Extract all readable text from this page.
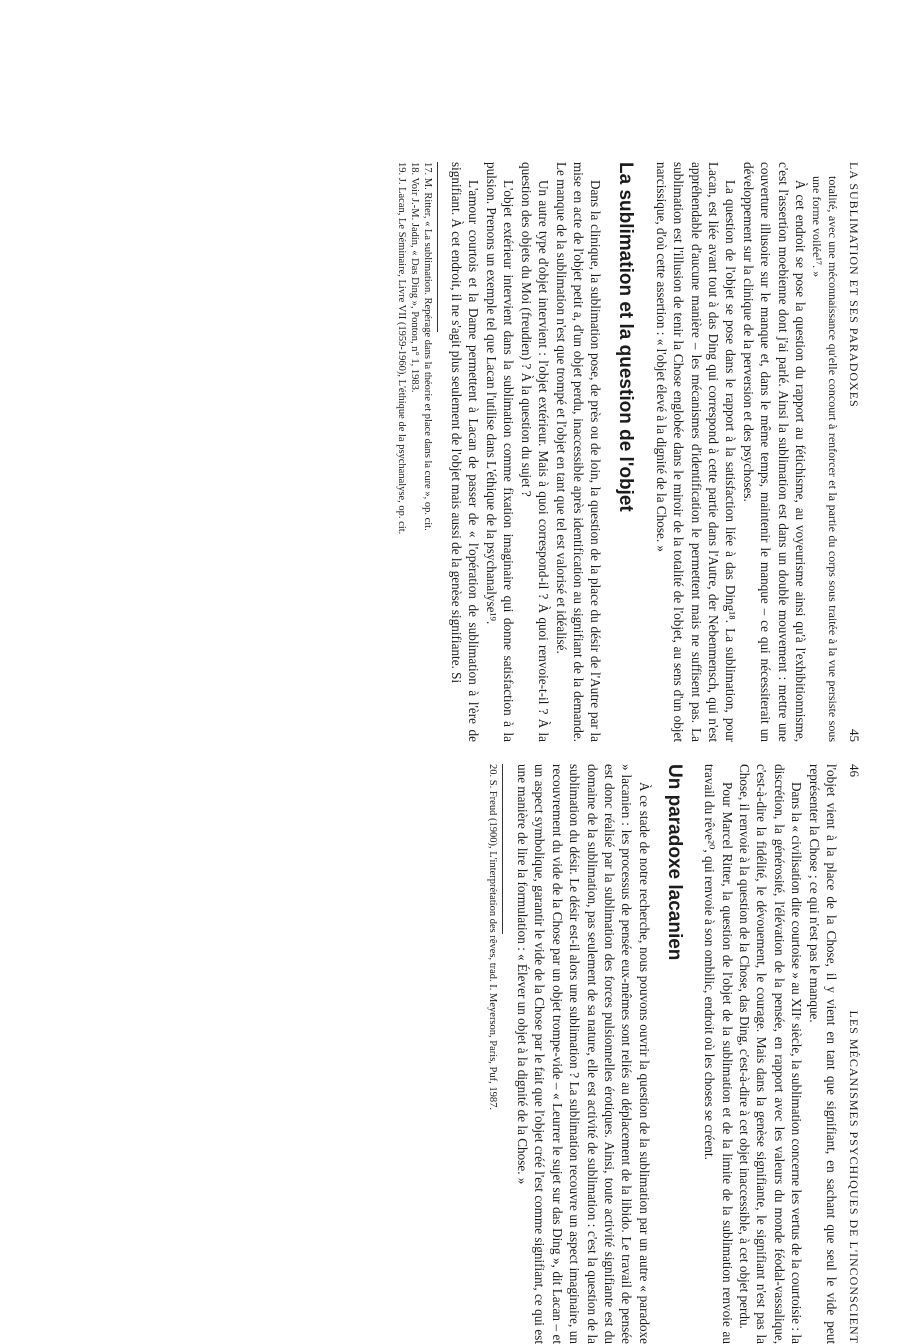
LA SUBLIMATION ET SES PARADOXES
45

totalité, avec une méconnaissance qu'elle concourt à renforcer et la partie du corps sous traitée à la vue persiste sous une forme voilée¹⁷. »

À cet endroit se pose la question du rapport au fétichisme, au voyeurisme ainsi qu'à l'exhibitionnisme, c'est l'assertion moebienne dont j'ai parlé. Ainsi la sublimation est dans un double mouvement : mettre une couverture illusoire sur le manque et, dans le même temps, maintenir le manque – ce qui nécessiterait un développement sur la clinique de la perversion et des psychoses.

La question de l'objet se pose dans le rapport à la satisfaction liée à das Ding¹⁸. La sublimation, pour Lacan, est liée avant tout à das Ding qui correspond à cette partie dans l'Autre, der Nebenmensch, qui n'est appréhendable d'aucune manière – les mécanismes d'identification le permettent mais ne suffisent pas. La sublimation est l'illusion de tenir la Chose englobée dans le miroir de la totalité de l'objet, au sens d'un objet narcissique, d'où cette assertion : « l'objet élevé à la dignité de la Chose. »

La sublimation et la question de l'objet

Dans la clinique, la sublimation pose, de près ou de loin, la question de la place du désir de l'Autre par la mise en acte de l'objet petit a, d'un objet perdu, inaccessible après identification au signifiant de la demande. Le manque de la sublimation n'est que trompé et l'objet en tant que tel est valorisé et idéalisé.

Un autre type d'objet intervient : l'objet extérieur. Mais à quoi correspond-il ? À quoi renvoie-t-il ? À la question des objets du Moi (freudien) ? À la question du sujet ?

L'objet extérieur intervient dans la sublimation comme fixation imaginaire qui donne satisfaction à la pulsion. Prenons un exemple tel que Lacan l'utilise dans L'éthique de la psychanalyse¹⁹.

L'amour courtois et la Dame permettent à Lacan de passer de « l'opération de sublimation à l'ère de signifiant. À cet endroit, il ne s'agit plus seulement de l'objet mais aussi de la genèse signifiante. Si

17. M. Ritter, « La sublimation. Repérage dans la théorie et place dans la cure », op. cit.

18. Voir J.-M. Jadin, « Das Ding », Ponton, n° 1, 1983.

19. J. Lacan, Le Séminaire, Livre VII (1959-1960), L'éthique de la psychanalyse, op. cit.

46
LES MÉCANISMES PSYCHIQUES DE L'INCONSCIENT

l'objet vient à la place de la Chose, il y vient en tant que signifiant, en sachant que seul le vide peut représenter la Chose ; ce qui n'est pas le manque.

Dans la « civilisation dite courtoise » au XIIᵉ siècle, la sublimation concerne les vertus de la courtoisie : la discrétion, la générosité, l'élévation de la pensée, en rapport avec les valeurs du monde féodal-vassalique, c'est-à-dire la fidélité, le dévouement, le courage. Mais dans la genèse signifiante, le signifiant n'est pas la Chose, il renvoie à la question de la Chose, das Ding, c'est-à-dire à cet objet inaccessible, à cet objet perdu.

Pour Marcel Ritter, la question de l'objet de la sublimation et de la limite de la sublimation renvoie au travail du rêve²⁰, qui renvoie à son ombilic, endroit où les choses se créent.

Un paradoxe lacanien

À ce stade de notre recherche, nous pouvons ouvrir la question de la sublimation par un autre « paradoxe » lacanien : les processus de pensée eux-mêmes sont reliés au déplacement de la libido. Le travail de pensée est donc réalisé par la sublimation des forces pulsionnelles érotiques. Ainsi, toute activité signifiante est du domaine de la sublimation, pas seulement de sa nature, elle est activité de sublimation : c'est la question de la sublimation du désir. Le désir est-il alors une sublimation ? La sublimation recouvre un aspect imaginaire, un recouvrement du vide de la Chose par un objet trompe-vide – « Leurrer le sujet sur das Ding », dit Lacan – et un aspect symbolique, garantir le vide de la Chose par le fait que l'objet créé l'est comme signifiant, ce qui est une manière de lire la formulation : « Élever un objet à la dignité de la Chose. »

20. S. Freud (1900), L'interprétation des rêves, trad. I. Meyerson, Paris, Puf, 1987.
